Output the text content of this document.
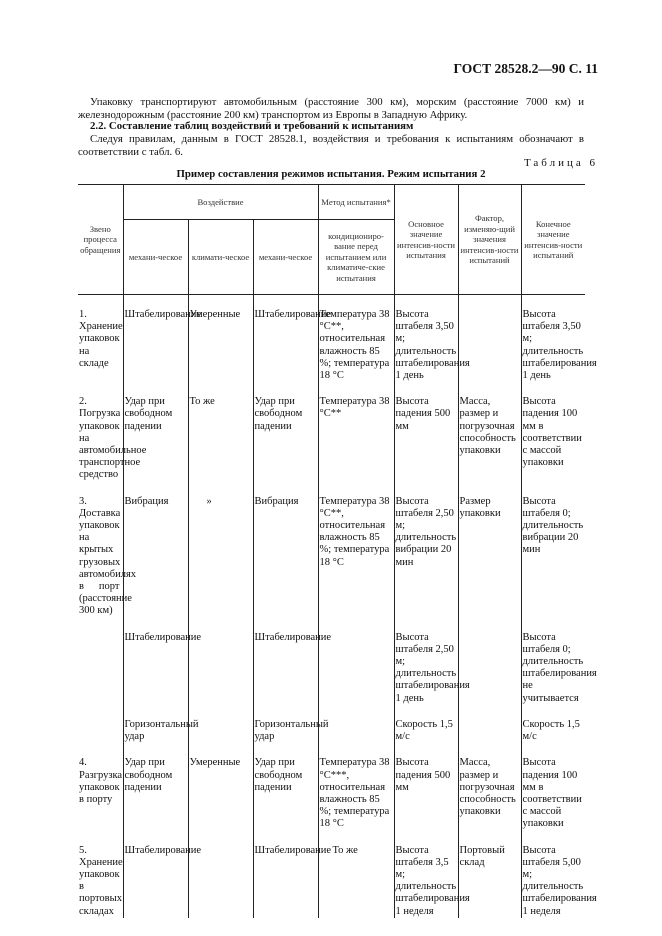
ГОСТ 28528.2—90 С. 11
Упаковку транспортируют автомобильным (расстояние 300 км), морским (расстояние 7000 км) и железнодорожным (расстояние 200 км) транспортом из Европы в Западную Африку.
2.2. Составление таблиц воздействий и требований к испытаниям
Следуя правилам, данным в ГОСТ 28528.1, воздействия и требования к испытаниям обозначают в соответствии с табл. 6.
Таблица 6
Пример составления режимов испытания. Режим испытания 2
Звено процесса обращения	Воздействие			Метод испытания*	Основное значение интенсив-ности испытания	Фактор, изменяю-щий значения интенсив-ности испытаний	Конечное значение интенсив-ности испытаний
	механи-ческое	климати-ческое	механи-ческое	кондициониро-вание перед испытанием или климатиче-ские испытания			

1. Хранение упаковок на складе	Штабелирование	Умеренные	Штабелирование	Температура 38 °С**, относительная влажность 85 %; температура 18 °С	Высота штабеля 3,50 м; длительность штабелирования 1 день		Высота штабеля 3,50 м; длительность штабелирования 1 день

2. Погрузка упаковок на автомобильное транспортное средство	Удар при свободном падении	То же	Удар при свободном падении	Температура 38 °С**	Высота падения 500 мм	Масса, размер и погрузочная способность упаковки	Высота падения 100 мм в соответствии с массой упаковки

3. Доставка упаковок на крытых грузовых автомобилях в порт (расстояние 300 км)	Вибрация	»	Вибрация	Температура 38 °С**, относительная влажность 85 %; температура 18 °С	Высота штабеля 2,50 м; длительность вибрации 20 мин	Размер упаковки	Высота штабеля 0; длительность вибрации 20 мин

	Штабелирование		Штабелирование		Высота штабеля 2,50 м; длительность штабелирования 1 день		Высота штабеля 0; длительность штабелирования не учитывается

	Горизонтальный удар		Горизонтальный удар		Скорость 1,5 м/с		Скорость 1,5 м/с

4. Разгрузка упаковок в порту	Удар при свободном падении	Умеренные	Удар при свободном падении	Температура 38 °С***, относительная влажность 85 %; температура 18 °С	Высота падения 500 мм	Масса, размер и погрузочная способность упаковки	Высота падения 100 мм в соответствии с массой упаковки

5. Хранение упаковок в портовых складах	Штабелирование		Штабелирование	То же	Высота штабеля 3,5 м; длительность штабелирования 1 неделя	Портовый склад	Высота штабеля 5,00 м; длительность штабелирования 1 неделя
